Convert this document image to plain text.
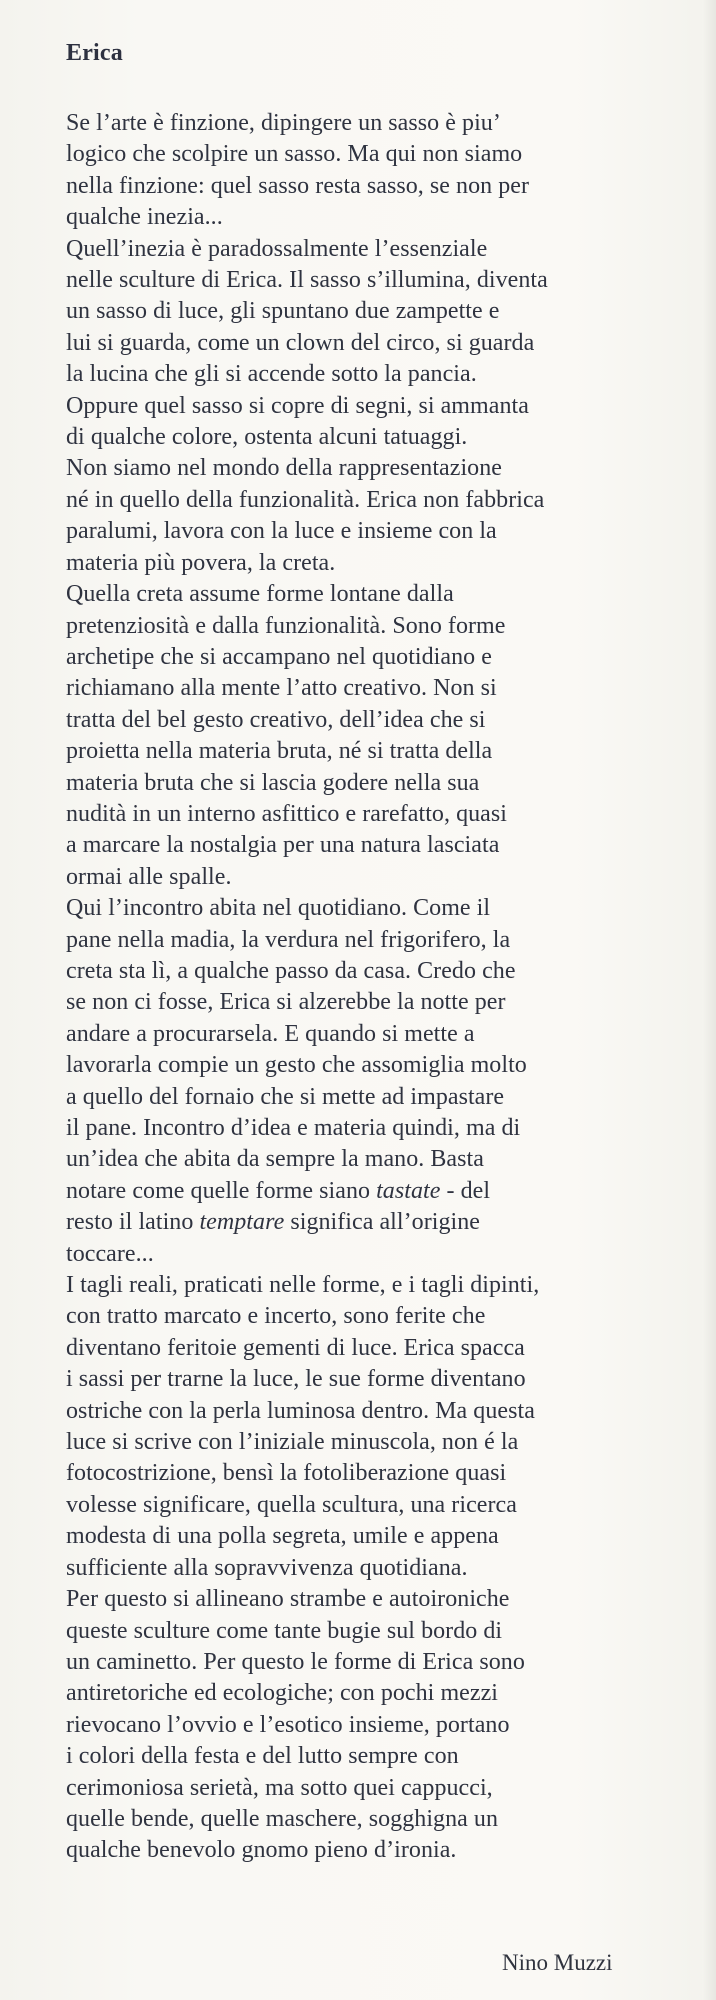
Erica
Se l’arte è finzione, dipingere un sasso è piu’
logico che scolpire un sasso. Ma qui non siamo
nella finzione: quel sasso resta sasso, se non per
qualche inezia...
Quell’inezia è paradossalmente l’essenziale
nelle sculture di Erica. Il sasso s’illumina, diventa
un sasso di luce, gli spuntano due zampette e
lui si guarda, come un clown del circo, si guarda
la lucina che gli si accende sotto la pancia.
Oppure quel sasso si copre di segni, si ammanta
di qualche colore, ostenta alcuni tatuaggi.
Non siamo nel mondo della rappresentazione
né in quello della funzionalità. Erica non fabbrica
paralumi, lavora con la luce e insieme con la
materia più povera, la creta.
Quella creta assume forme lontane dalla
pretenziosità e dalla funzionalità. Sono forme
archetipe che si accampano nel quotidiano e
richiamano alla mente l’atto creativo. Non si
tratta del bel gesto creativo, dell’idea che si
proietta nella materia bruta, né si tratta della
materia bruta che si lascia godere nella sua
nudità in un interno asfittico e rarefatto, quasi
a marcare la nostalgia per una natura lasciata
ormai alle spalle.
Qui l’incontro abita nel quotidiano. Come il
pane nella madia, la verdura nel frigorifero, la
creta sta lì, a qualche passo da casa. Credo che
se non ci fosse, Erica si alzerebbe la notte per
andare a procurarsela. E quando si mette a
lavorarla compie un gesto che assomiglia molto
a quello del fornaio che si mette ad impastare
il pane. Incontro d’idea e materia quindi, ma di
un’idea che abita da sempre la mano. Basta
notare come quelle forme siano tastate - del
resto il latino temptare significa all’origine
toccare...
I tagli reali, praticati nelle forme, e i tagli dipinti,
con tratto marcato e incerto, sono ferite che
diventano feritoie gementi di luce. Erica spacca
i sassi per trarne la luce, le sue forme diventano
ostriche con la perla luminosa dentro. Ma questa
luce si scrive con l’iniziale minuscola, non é la
fotocostrizione, bensì la fotoliberazione quasi
volesse significare, quella scultura, una ricerca
modesta di una polla segreta, umile e appena
sufficiente alla sopravvivenza quotidiana.
Per questo si allineano strambe e autoironiche
queste sculture come tante bugie sul bordo di
un caminetto. Per questo le forme di Erica sono
antiretoriche ed ecologiche; con pochi mezzi
rievocano l’ovvio e l’esotico insieme, portano
i colori della festa e del lutto sempre con
cerimoniosa serietà, ma sotto quei cappucci,
quelle bende, quelle maschere, sogghigna un
qualche benevolo gnomo pieno d’ironia.

Nino Muzzi
